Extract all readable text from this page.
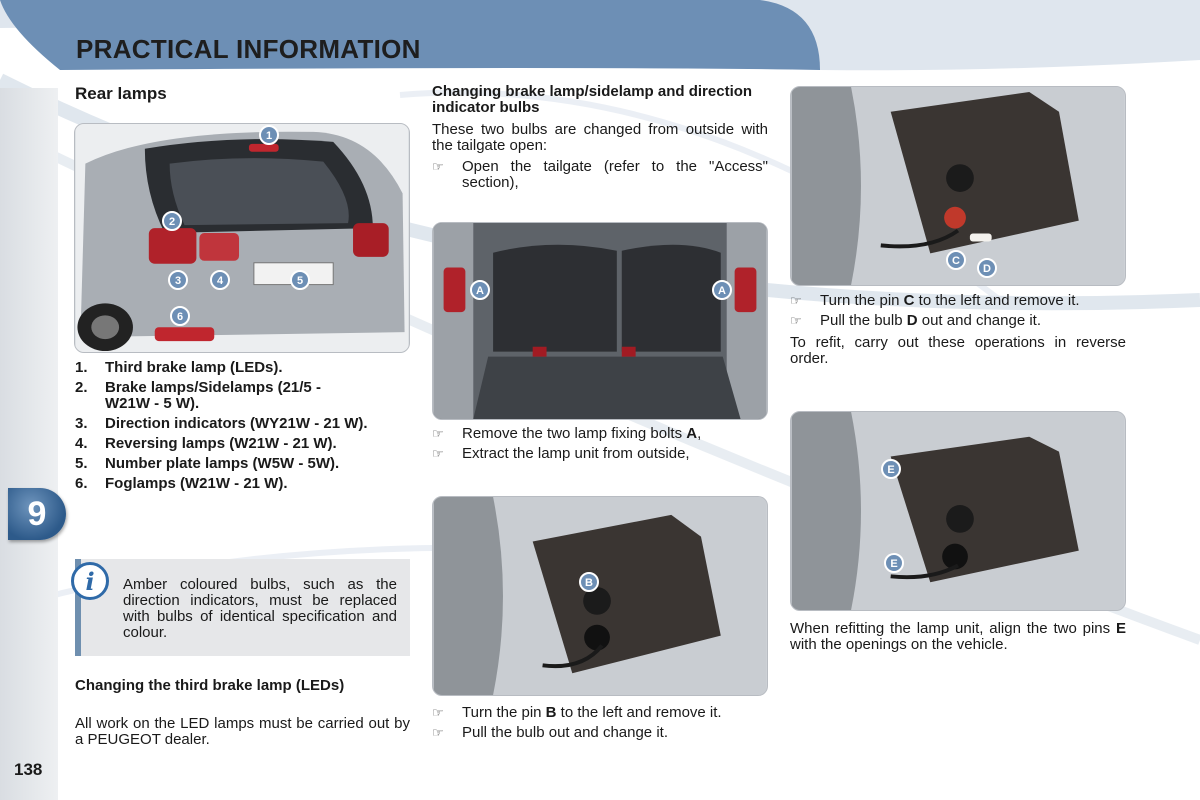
PRACTICAL INFORMATION
9
138
Rear lamps
1
2
3	4	5
6
1.	Third brake lamp (LEDs).
2.	Brake lamps/Sidelamps (21/5 - W21W - 5 W).
3.	Direction indicators (WY21W - 21 W).
4.	Reversing lamps (W21W - 21 W).
5.	Number plate lamps (W5W - 5W).
6.	Foglamps (W21W - 21 W).
i Amber coloured bulbs, such as the direction indicators, must be replaced with bulbs of identical specification and colour.
Changing the third brake lamp (LEDs)
All work on the LED lamps must be carried out by a PEUGEOT dealer.
Changing brake lamp/sidelamp and direction indicator bulbs
These two bulbs are changed from outside with the tailgate open:
☞	Open the tailgate (refer to the "Access" section),
A	A
☞	Remove the two lamp fixing bolts A,
☞	Extract the lamp unit from outside,
B
☞	Turn the pin B to the left and remove it.
☞	Pull the bulb out and change it.
C
D
☞	Turn the pin C to the left and remove it.
☞	Pull the bulb D out and change it.
To refit, carry out these operations in reverse order.
E
E
When refitting the lamp unit, align the two pins E with the openings on the vehicle.
